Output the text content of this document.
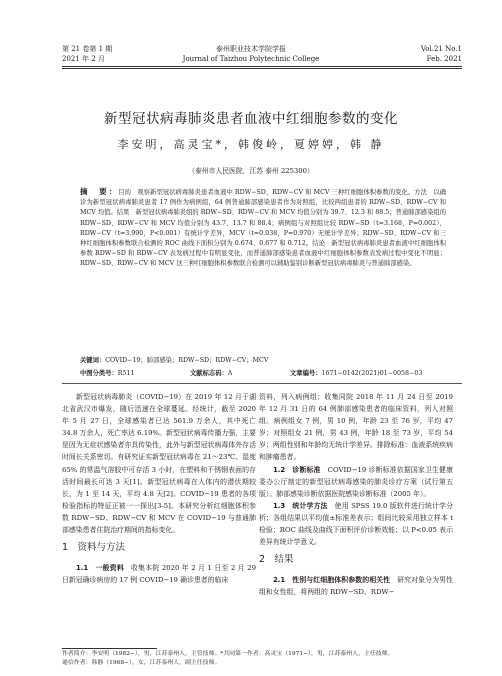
第 21 卷第 1 期
2021 年 2 月
泰州职业技术学院学报
Journal of Taizhou Polytechnic College
Vol.21 No.1
Feb. 2021
新型冠状病毒肺炎患者血液中红细胞参数的变化
李安明，高灵宝*，韩俊岭，夏婷婷，韩 静
（泰州市人民医院，江苏 泰州 225300）
摘　要：目的　观察新型冠状病毒肺炎患者血液中 RDW−SD、RDW−CV 和 MCV 三种红细胞体积参数的变化。方法　以确诊为新型冠状病毒肺炎患者 17 例作为病例组，64 例普通肺部感染患者作为对照组，比较两组患者的 RDW−SD、RDW−CV 和 MCV 均值。结果　新型冠状病毒肺炎组的 RDW−SD、RDW−CV 和 MCV 均值分别为 39.7、12.3 和 88.5；普通肺部感染组的 RDW−SD、RDW−CV 和 MCV 均值分别为 43.7、13.7 和 88.4；病例组与对照组比较 RDW−SD（t=3.168，P=0.002），RDW−CV（t=3.990，P<0.001）有统计学差异，MCV（t=0.038，P=0.970）无统计学差异；RDW−SD、RDW−CV 和三种红细胞体积参数联合检测的 ROC 曲线下面积分别为 0.674、0.677 和 0.712。结论　新型冠状病毒肺炎患者血液中红细胞体积参数 RDW−SD 和 RDW−CV 表发病过程中有明显变化，而普通肺部感染患者血液中红细胞体积参数表发病过程中变化不明显；RDW−SD、RDW−CV 和 MCV 这三种红细胞体积参数联合检测可以辅助鉴别诊断新型冠状病毒肺炎与普通肺部感染。
关键词：COVID−19；肺部感染；RDW−SD；RDW−CV；MCV
中图分类号：R511	文献标志码：A	文章编号：1671−0142(2021)01−0058−03

新型冠状病毒肺炎（COVID−19）在 2019 年 12 月于湖北省武汉市爆发，随后迅速在全球蔓延。经统计，截至 2020 年 5 月 27 日，全球感染者已达 561.9 万余人，其中死亡 34.8 万余人，死亡率达 6.19%。新型冠状病毒传播力强，主要是因为无症状感染者亦具传染性，此外与新型冠状病毒体外存活时间长关系密切。有研究证实新型冠状病毒在 21～23℃、湿度 65% 的常温气溶胶中可存活 3 小时，在塑料和不锈钢表面的存活时间最长可达 3 天[1]。新型冠状病毒在人体内的潜伏期较长，为 1 至 14 天，平均 4.8 天[2]。COVID−19 患者的各项检验指标的特征正被一一探出[3-5]。本研究分析红细胞体积参数 RDW−SD、RDW−CV 和 MCV 在 COVID−19 与普通肺部感染患者住院治疗期间的指标变化。

1　资料与方法

1.1　一般资料　 收集本院 2020 年 2 月 1 日至 2 月 29 日新冠确诊病房的 17 例 COVID−19 确诊患者的临床

资料，列入病例组；收集同院 2018 年 11 月 24 日至 2019 年 12 月 31 日的 64 例肺部感染患者的临床资料，列入对照组。病例组女 7 例，男 10 例，年龄 23 至 76 岁，平均 47 岁；对照组女 21 例，男 43 例，年龄 18 至 73 岁，平均 54 岁；两组性别和年龄均无统计学差异。排除标准：血液系统疾病和肿瘤患者。

1.2　诊断标准　 COVID−19 诊断标准依据国家卫生健康委办公厅制定的新型冠状病毒感染的肺炎诊疗方案（试行第五版）。肺部感染诊断依据医院感染诊断标准（2005 年）。

1.3　统计学方法　 使用 SPSS 19.0 版软件进行统计学分析；各组结果以平均值±标准差表示；组间比较采用独立样本 t 检验；ROC 曲线及曲线下面积评价诊断效能；以 P<0.05 表示差异有统计学意义。

2　结果

2.1　性别与红细胞体积参数的相关性　 研究对象分为男性组和女性组，将两组的 RDW−SD、RDW−

作者简介：李安明（1982−），男，江苏泰州人，主管技师。*共同第一作者：高灵宝（1971−），男，江苏泰州人，主任技师。
通信作者：韩静（1968−），女，江苏泰州人，副主任技师。
